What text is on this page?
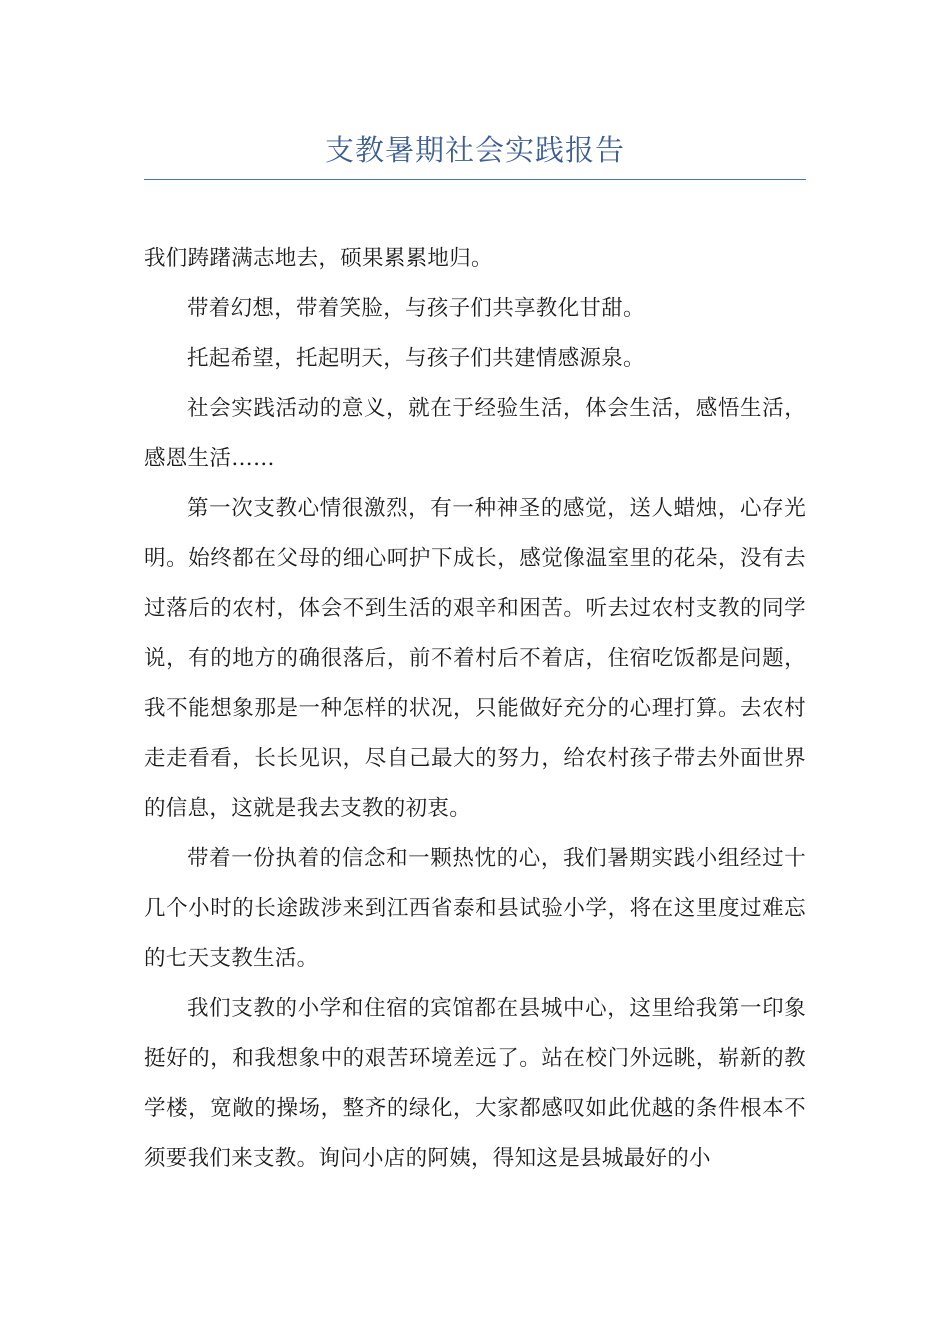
支教暑期社会实践报告

我们踌躇满志地去，硕果累累地归。

带着幻想，带着笑脸，与孩子们共享教化甘甜。

托起希望，托起明天，与孩子们共建情感源泉。

社会实践活动的意义，就在于经验生活，体会生活，感悟生活，感恩生活……

第一次支教心情很激烈，有一种神圣的感觉，送人蜡烛，心存光明。始终都在父母的细心呵护下成长，感觉像温室里的花朵，没有去过落后的农村，体会不到生活的艰辛和困苦。听去过农村支教的同学说，有的地方的确很落后，前不着村后不着店，住宿吃饭都是问题，我不能想象那是一种怎样的状况，只能做好充分的心理打算。去农村走走看看，长长见识，尽自己最大的努力，给农村孩子带去外面世界的信息，这就是我去支教的初衷。

带着一份执着的信念和一颗热忱的心，我们暑期实践小组经过十几个小时的长途跋涉来到江西省泰和县试验小学，将在这里度过难忘的七天支教生活。

我们支教的小学和住宿的宾馆都在县城中心，这里给我第一印象挺好的，和我想象中的艰苦环境差远了。站在校门外远眺，崭新的教学楼，宽敞的操场，整齐的绿化，大家都感叹如此优越的条件根本不须要我们来支教。询问小店的阿姨，得知这是县城最好的小
